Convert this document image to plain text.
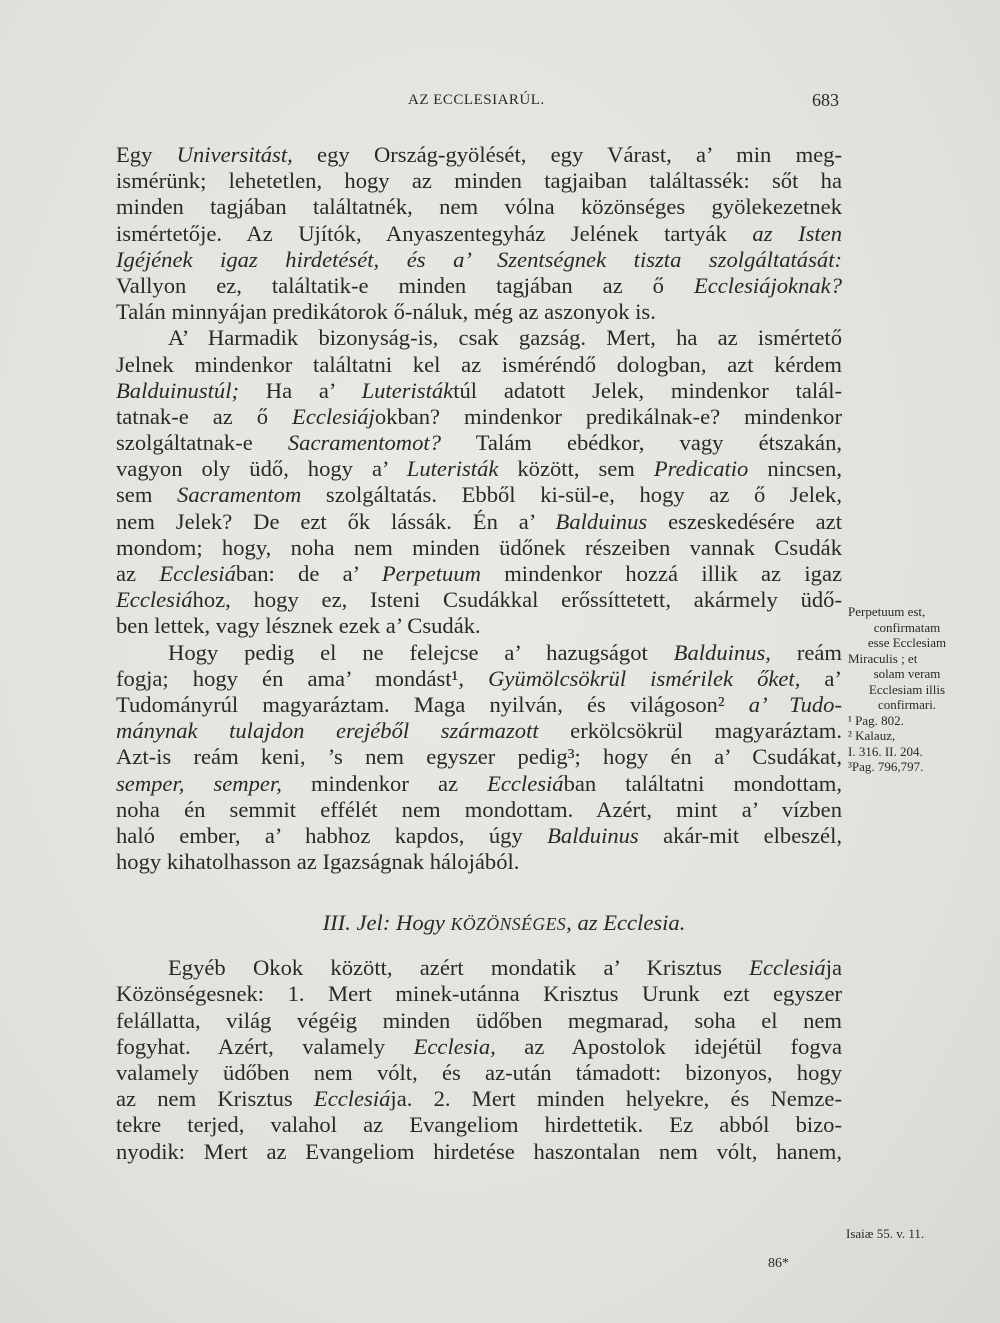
AZ ECCLESIARÚL.	683
Egy Universitást, egy Ország-gyölését, egy Várast, a’ min meg-
ismérünk; lehetetlen, hogy az minden tagjaiban találtassék: sőt ha
minden tagjában találtatnék, nem vólna közönséges gyölekezetnek
ismértetője. Az Ujítók, Anyaszentegyház Jelének tartyák az Isten
Igéjének igaz hirdetését, és a’ Szentségnek tiszta szolgáltatását:
Vallyon ez, találtatik-e minden tagjában az ő Ecclesiájoknak?
Talán minnyájan predikátorok ő-náluk, még az aszonyok is.
A’ Harmadik bizonyság-is, csak gazság. Mert, ha az ismértető
Jelnek mindenkor találtatni kel az isméréndő dologban, azt kérdem
Balduinustúl; Ha a’ Luteristáktúl adatott Jelek, mindenkor talál-
tatnak-e az ő Ecclesiájokban? mindenkor predikálnak-e? mindenkor
szolgáltatnak-e Sacramentomot? Talám ebédkor, vagy étszakán,
vagyon oly üdő, hogy a’ Luteristák között, sem Predicatio nincsen,
sem Sacramentom szolgáltatás. Ebből ki-sül-e, hogy az ő Jelek,
nem Jelek? De ezt ők lássák. Én a’ Balduinus eszeskedésére azt
mondom; hogy, noha nem minden üdőnek részeiben vannak Csudák
az Ecclesiában: de a’ Perpetuum mindenkor hozzá illik az igaz
Ecclesiához, hogy ez, Isteni Csudákkal erőssíttetett, akármely üdő-
ben lettek, vagy lésznek ezek a’ Csudák.
Hogy pedig el ne felejcse a’ hazugságot Balduinus, reám
fogja; hogy én ama’ mondást¹, Gyümölcsökrül ismérilek őket, a’
Tudományrúl magyaráztam. Maga nyilván, és világoson² a’ Tudo-
mánynak tulajdon erejéből származott erkölcsökrül magyaráztam.
Azt-is reám keni, ’s nem egyszer pedig³; hogy én a’ Csudákat,
semper, semper, mindenkor az Ecclesiában találtatni mondottam,
noha én semmit effélét nem mondottam. Azért, mint a’ vízben
haló ember, a’ habhoz kapdos, úgy Balduinus akár-mit elbeszél,
hogy kihatolhasson az Igazságnak hálojából.
III. Jel: Hogy KÖZÖNSÉGES, az Ecclesia.
Egyéb Okok között, azért mondatik a’ Krisztus Ecclesiája
Közönségesnek: 1. Mert minek-utánna Krisztus Urunk ezt egyszer
felállatta, világ végéig minden üdőben megmarad, soha el nem
fogyhat. Azért, valamely Ecclesia, az Apostolok idejétül fogva
valamely üdőben nem vólt, és az-után támadott: bizonyos, hogy
az nem Krisztus Ecclesiája. 2. Mert minden helyekre, és Nemze-
tekre terjed, valahol az Evangeliom hirdettetik. Ez abból bizo-
nyodik: Mert az Evangeliom hirdetése haszontalan nem vólt, hanem,
Perpetuum est,
confirmatam
esse Ecclesiam
Miraculis ; et
solam veram
Ecclesiam illis
confirmari.
¹ Pag. 802.
² Kalauz,
I. 316. II. 204.
³Pag. 796,797.
Isaiæ 55. v. 11.
86*
